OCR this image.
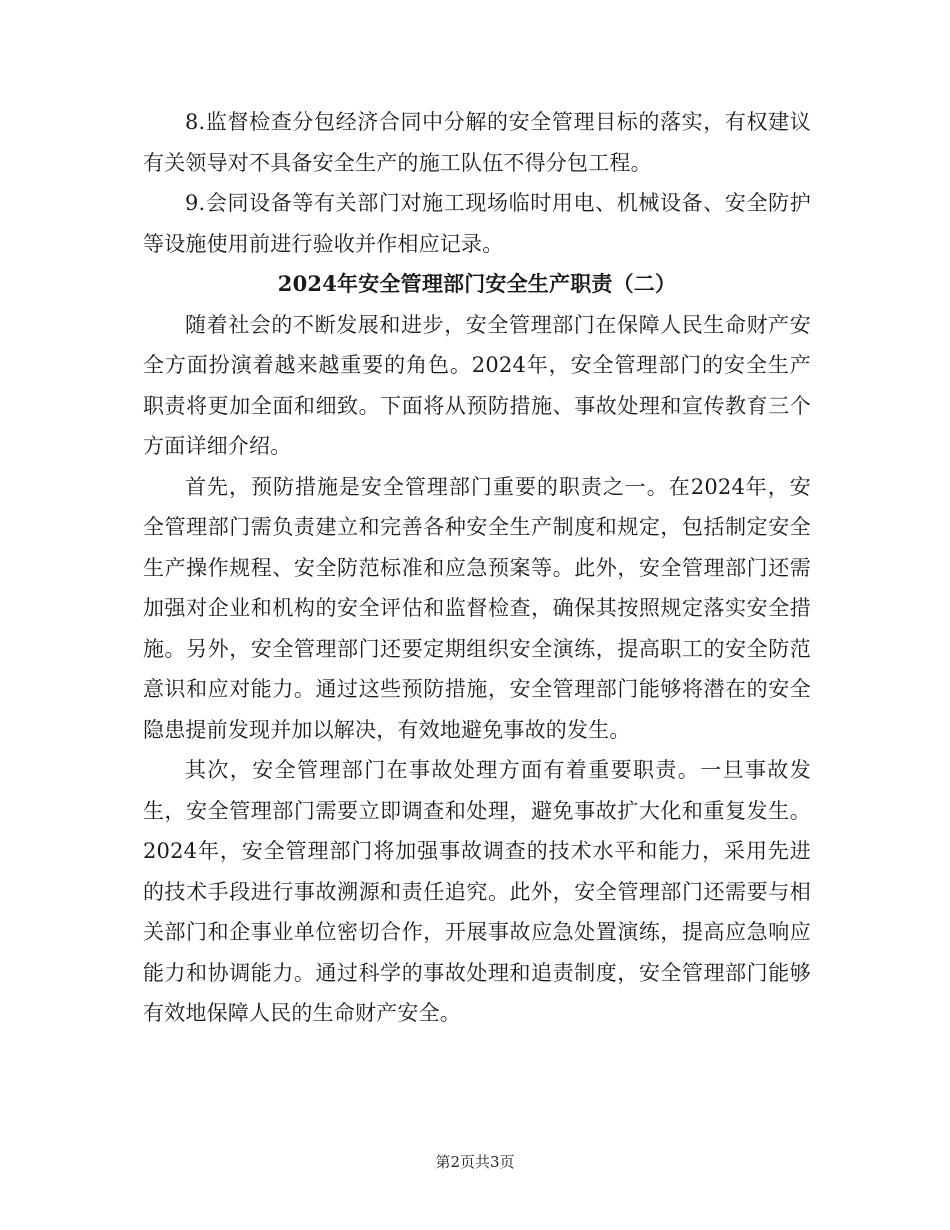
8.监督检查分包经济合同中分解的安全管理目标的落实，有权建议有关领导对不具备安全生产的施工队伍不得分包工程。

9.会同设备等有关部门对施工现场临时用电、机械设备、安全防护等设施使用前进行验收并作相应记录。

2024年安全管理部门安全生产职责（二）

随着社会的不断发展和进步，安全管理部门在保障人民生命财产安全方面扮演着越来越重要的角色。2024年，安全管理部门的安全生产职责将更加全面和细致。下面将从预防措施、事故处理和宣传教育三个方面详细介绍。

首先，预防措施是安全管理部门重要的职责之一。在2024年，安全管理部门需负责建立和完善各种安全生产制度和规定，包括制定安全生产操作规程、安全防范标准和应急预案等。此外，安全管理部门还需加强对企业和机构的安全评估和监督检查，确保其按照规定落实安全措施。另外，安全管理部门还要定期组织安全演练，提高职工的安全防范意识和应对能力。通过这些预防措施，安全管理部门能够将潜在的安全隐患提前发现并加以解决，有效地避免事故的发生。

其次，安全管理部门在事故处理方面有着重要职责。一旦事故发生，安全管理部门需要立即调查和处理，避免事故扩大化和重复发生。2024年，安全管理部门将加强事故调查的技术水平和能力，采用先进的技术手段进行事故溯源和责任追究。此外，安全管理部门还需要与相关部门和企事业单位密切合作，开展事故应急处置演练，提高应急响应能力和协调能力。通过科学的事故处理和追责制度，安全管理部门能够有效地保障人民的生命财产安全。

第2页共3页
